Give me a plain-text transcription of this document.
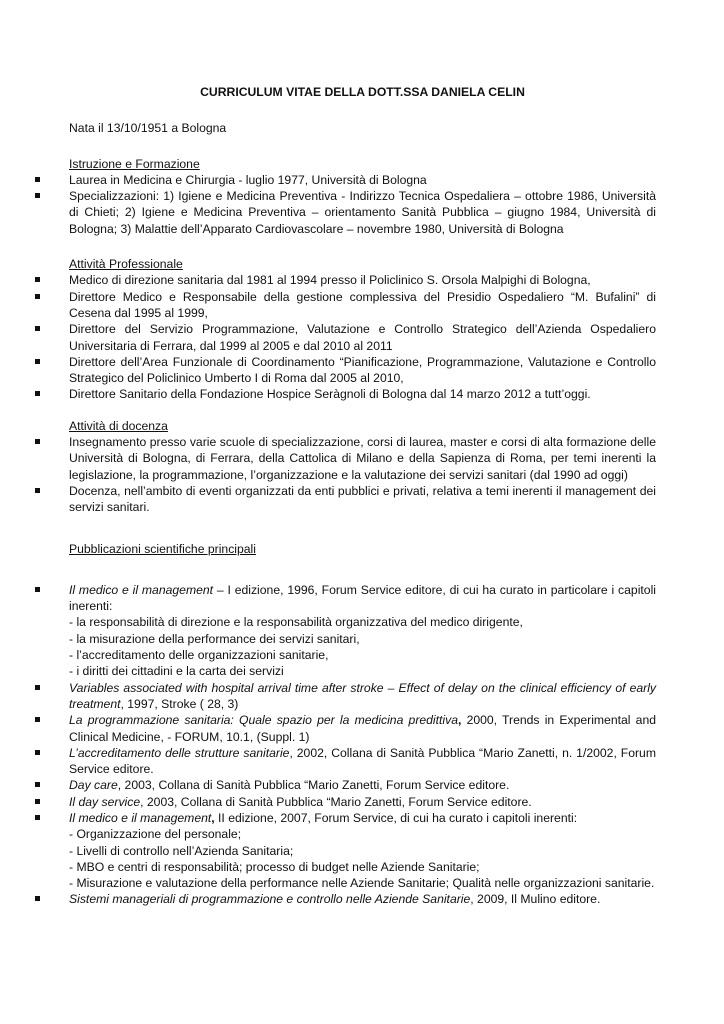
CURRICULUM VITAE DELLA DOTT.SSA DANIELA CELIN

Nata il 13/10/1951 a Bologna

Istruzione e Formazione

Laurea in Medicina e Chirurgia - luglio 1977, Università di Bologna
Specializzazioni: 1) Igiene e Medicina Preventiva - Indirizzo Tecnica Ospedaliera – ottobre 1986, Università di Chieti; 2) Igiene e Medicina Preventiva – orientamento Sanità Pubblica – giugno 1984, Università di Bologna; 3) Malattie dell’Apparato Cardiovascolare – novembre 1980, Università di Bologna

Attività Professionale

Medico di direzione sanitaria dal 1981 al 1994 presso il Policlinico S. Orsola Malpighi di Bologna,
Direttore Medico e Responsabile della gestione complessiva del Presidio Ospedaliero “M. Bufalini” di Cesena dal 1995 al 1999,
Direttore del Servizio Programmazione, Valutazione e Controllo Strategico dell’Azienda Ospedaliero Universitaria di Ferrara, dal 1999 al 2005 e dal 2010 al 2011
Direttore dell’Area Funzionale di Coordinamento “Pianificazione, Programmazione, Valutazione e Controllo Strategico del Policlinico Umberto I di Roma dal 2005 al 2010,
Direttore Sanitario della Fondazione Hospice Seràgnoli di Bologna dal 14 marzo 2012 a tutt’oggi.

Attività di docenza

Insegnamento presso varie scuole di specializzazione, corsi di laurea, master e corsi di alta formazione delle Università di Bologna, di Ferrara, della Cattolica di Milano e della Sapienza di Roma, per temi inerenti la legislazione, la programmazione, l’organizzazione e la valutazione dei servizi sanitari (dal 1990 ad oggi)
Docenza, nell’ambito di eventi organizzati da enti pubblici e privati, relativa a temi inerenti il management dei servizi sanitari.

Pubblicazioni scientifiche principali

Il medico e il management – I edizione, 1996, Forum Service editore, di cui ha curato in particolare i capitoli inerenti:
- la responsabilità di direzione e la responsabilità organizzativa del medico dirigente,
- la misurazione della performance dei servizi sanitari,
- l’accreditamento delle organizzazioni sanitarie,
- i diritti dei cittadini e la carta dei servizi
Variables associated with hospital arrival time after stroke – Effect of delay on the clinical efficiency of early treatment, 1997, Stroke ( 28, 3)
La programmazione sanitaria: Quale spazio per la medicina predittiva, 2000, Trends in Experimental and Clinical Medicine, - FORUM, 10.1, (Suppl. 1)
L’accreditamento delle strutture sanitarie, 2002, Collana di Sanità Pubblica “Mario Zanetti, n. 1/2002, Forum Service editore.
Day care, 2003, Collana di Sanità Pubblica “Mario Zanetti, Forum Service editore.
Il day service, 2003, Collana di Sanità Pubblica “Mario Zanetti, Forum Service editore.
Il medico e il management, II edizione, 2007, Forum Service, di cui ha curato i capitoli inerenti:
- Organizzazione del personale;
- Livelli di controllo nell’Azienda Sanitaria;
- MBO e centri di responsabilità; processo di budget nelle Aziende Sanitarie;
- Misurazione e valutazione della performance nelle Aziende Sanitarie; Qualità nelle organizzazioni sanitarie.
Sistemi manageriali di programmazione e controllo nelle Aziende Sanitarie, 2009, Il Mulino editore.
